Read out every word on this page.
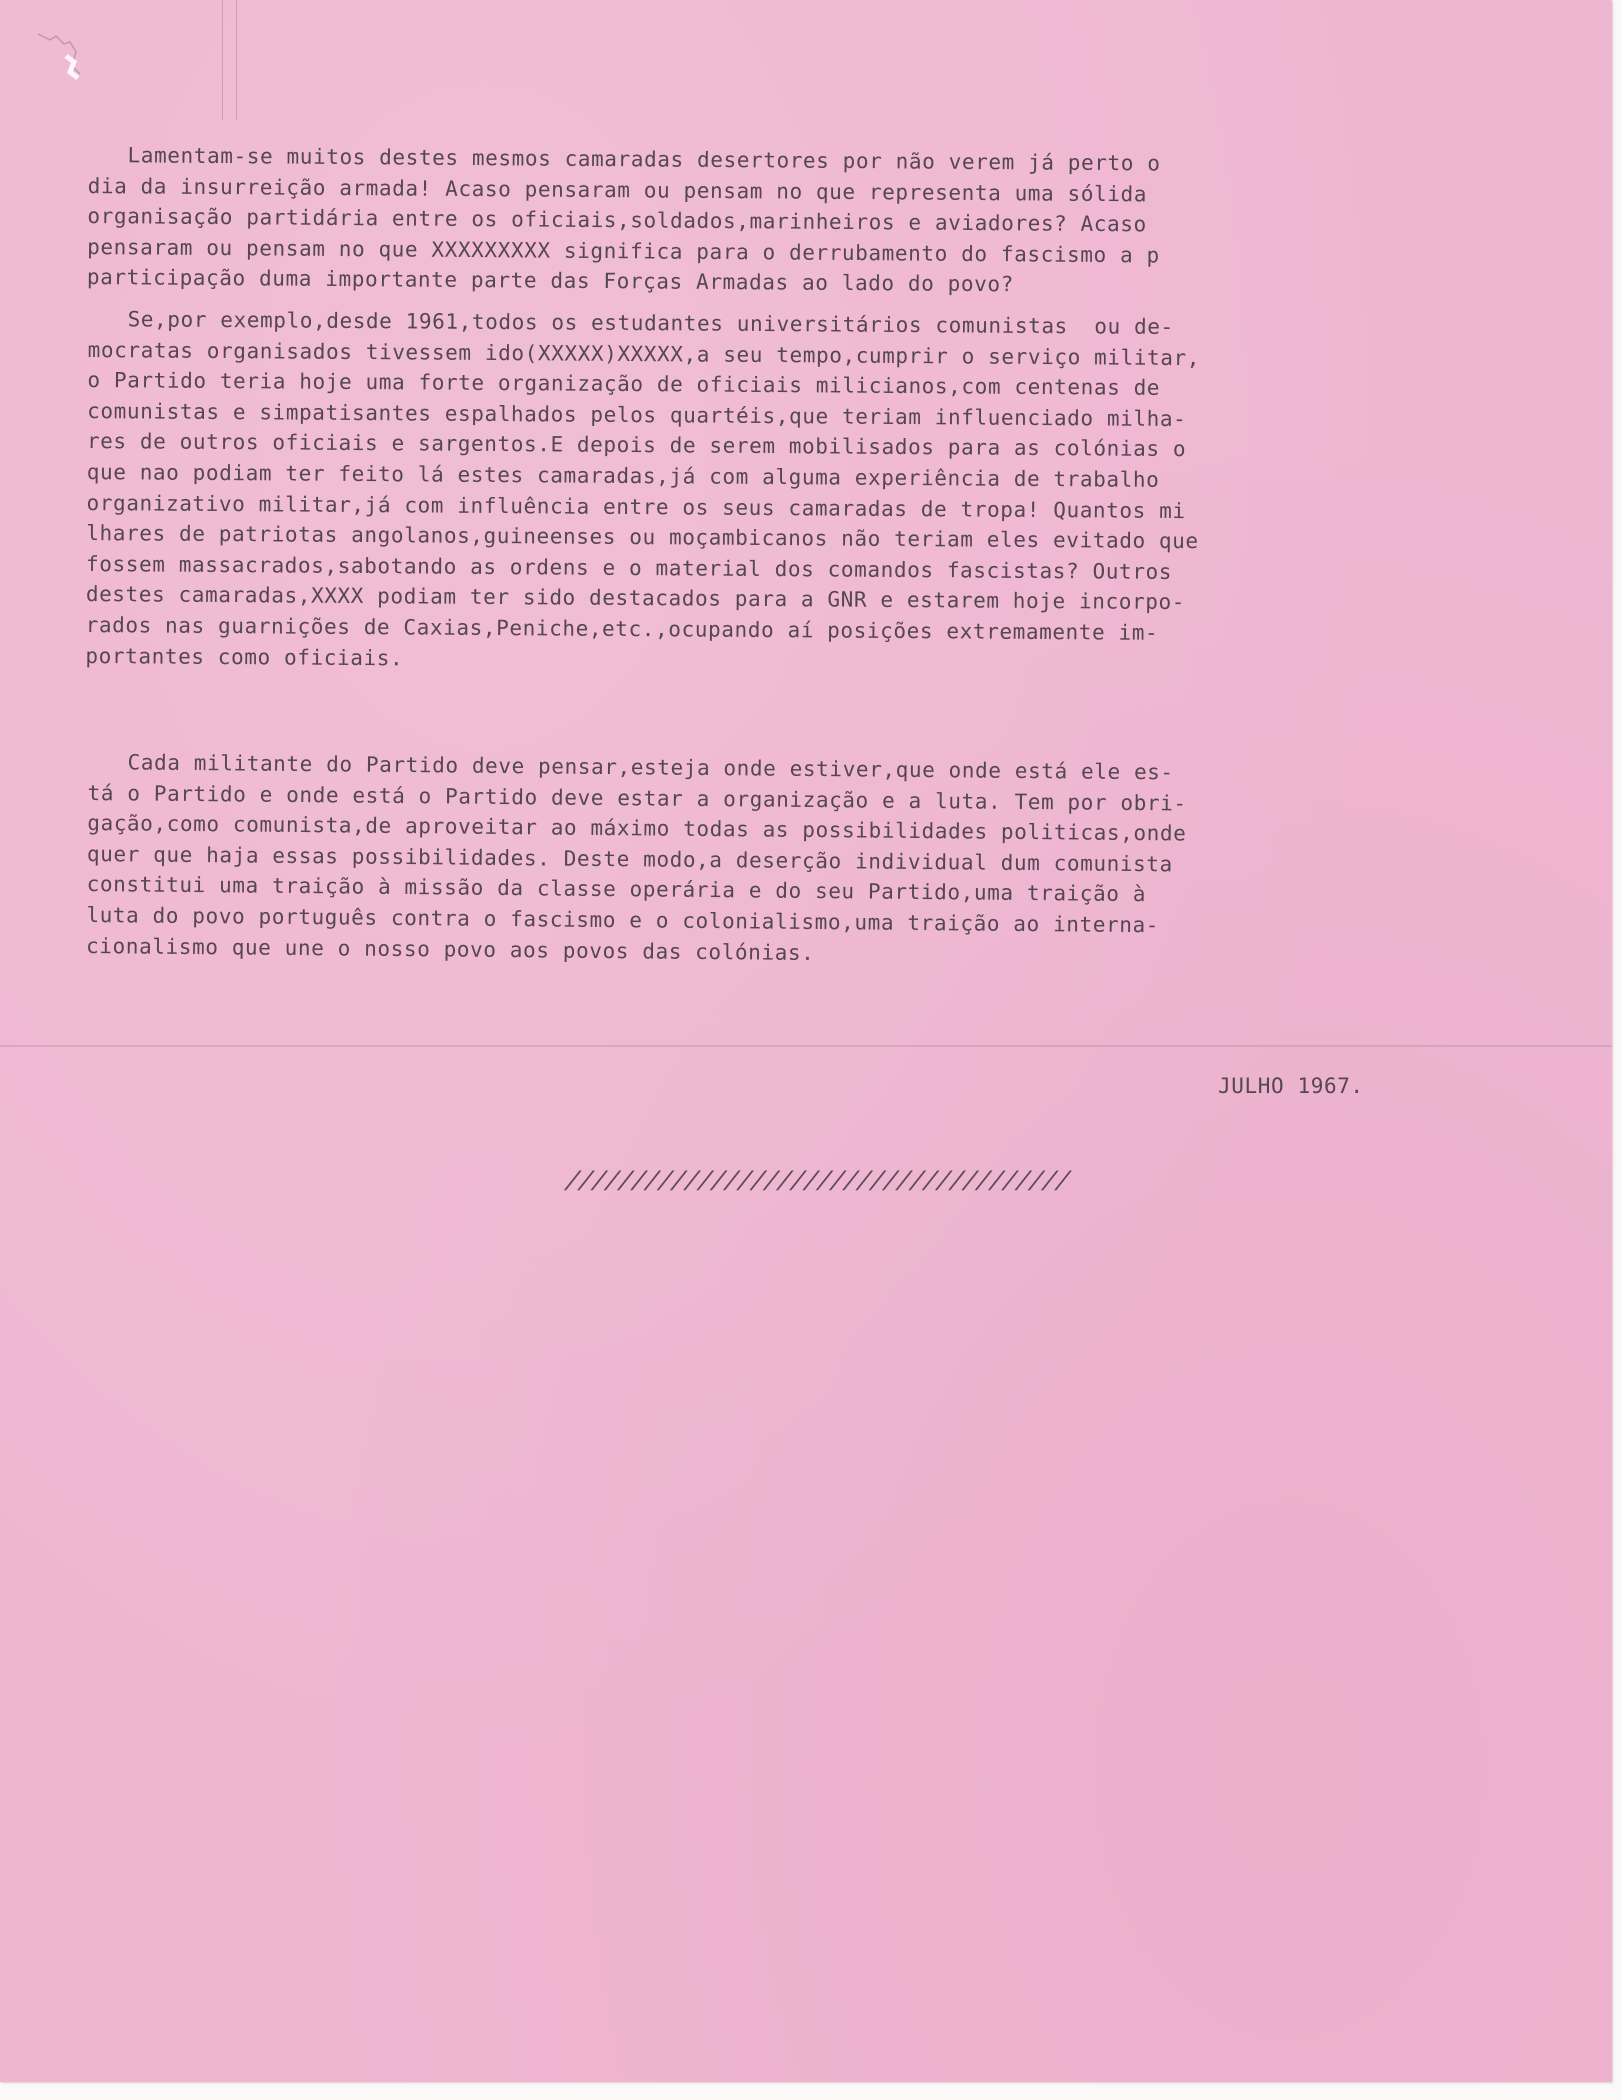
Lamentam-se muitos destes mesmos camaradas desertores por não verem já perto o
dia da insurreição armada! Acaso pensaram ou pensam no que representa uma sólida
organisação partidária entre os oficiais,soldados,marinheiros e aviadores? Acaso
pensaram ou pensam no que XXXXXXXXX significa para o derrubamento do fascismo a p
participação duma importante parte das Forças Armadas ao lado do povo?
Se,por exemplo,desde 1961,todos os estudantes universitários comunistas  ou de-
mocratas organisados tivessem ido(XXXXX)XXXXX,a seu tempo,cumprir o serviço militar,
o Partido teria hoje uma forte organização de oficiais milicianos,com centenas de
comunistas e simpatisantes espalhados pelos quartéis,que teriam influenciado milha-
res de outros oficiais e sargentos.E depois de serem mobilisados para as colónias o
que nao podiam ter feito lá estes camaradas,já com alguma experiência de trabalho
organizativo militar,já com influência entre os seus camaradas de tropa! Quantos mi
lhares de patriotas angolanos,guineenses ou moçambicanos não teriam eles evitado que
fossem massacrados,sabotando as ordens e o material dos comandos fascistas? Outros
destes camaradas,XXXX podiam ter sido destacados para a GNR e estarem hoje incorpo-
rados nas guarnições de Caxias,Peniche,etc.,ocupando aí posições extremamente im-
portantes como oficiais.
Cada militante do Partido deve pensar,esteja onde estiver,que onde está ele es-
tá o Partido e onde está o Partido deve estar a organização e a luta. Tem por obri-
gação,como comunista,de aproveitar ao máximo todas as possibilidades politicas,onde
quer que haja essas possibilidades. Deste modo,a deserção individual dum comunista
constitui uma traição à missão da classe operária e do seu Partido,uma traição à
luta do povo português contra o fascismo e o colonialismo,uma traição ao interna-
cionalismo que une o nosso povo aos povos das colónias.
JULHO 1967.
//////////////////////////////////////
